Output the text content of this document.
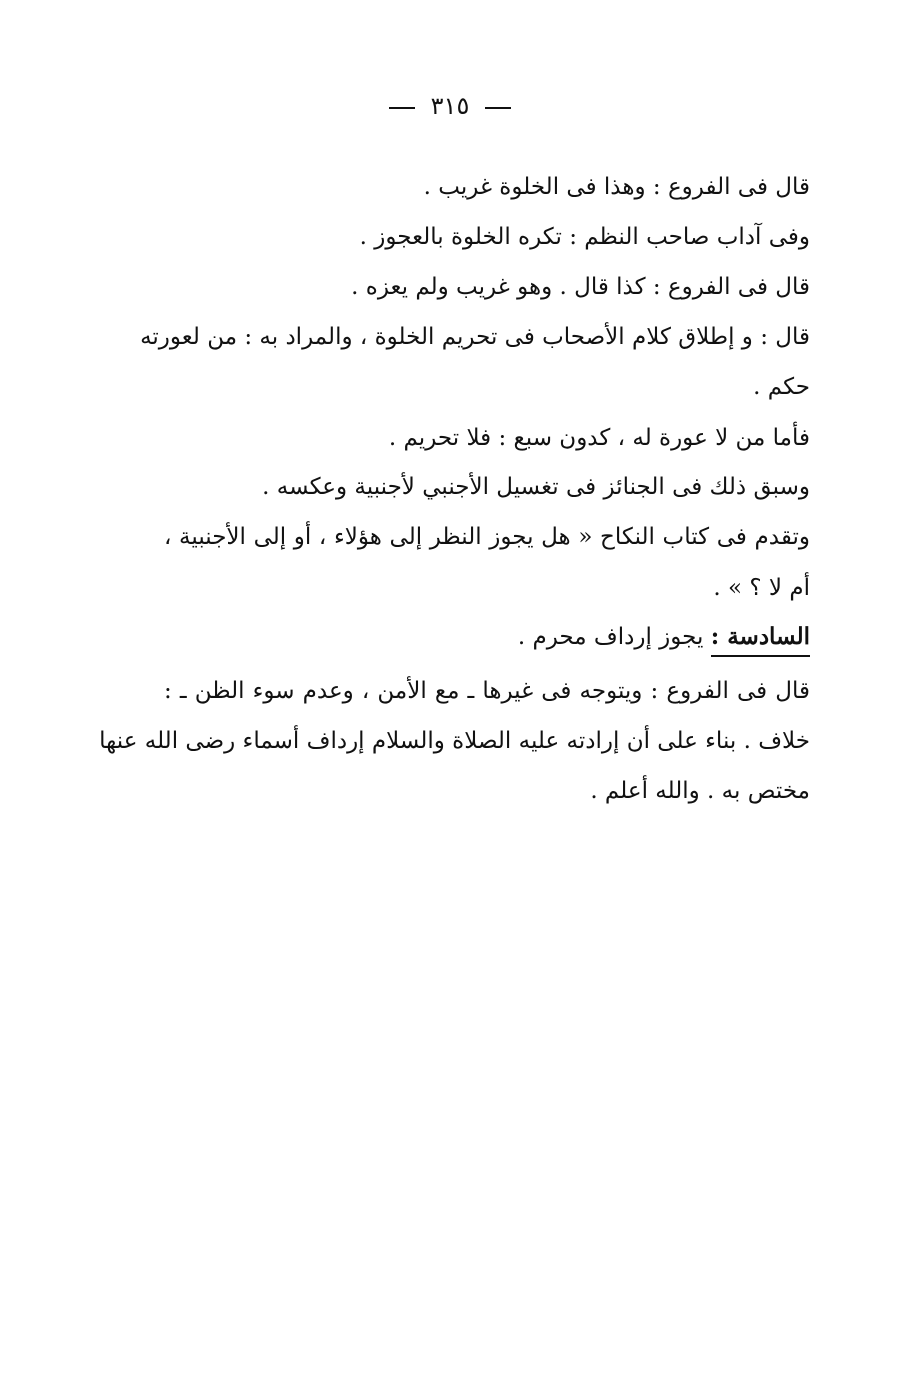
٣١٥
قال فى الفروع : وهذا فى الخلوة غريب .
وفى آداب صاحب النظم : تكره الخلوة بالعجوز .
قال فى الفروع : كذا قال . وهو غريب ولم يعزه .
قال : و إطلاق كلام الأصحاب فى تحريم الخلوة ، والمراد به : من لعورته
حكم .
فأما من لا عورة له ، كدون سبع : فلا تحريم .
وسبق ذلك فى الجنائز فى تغسيل الأجنبي لأجنبية وعكسه .
وتقدم فى كتاب النكاح « هل يجوز النظر إلى هؤلاء ، أو إلى الأجنبية ،
أم لا ؟ » .
السادسة : يجوز إرداف محرم .
قال فى الفروع : ويتوجه فى غيرها ـ مع الأمن ، وعدم سوء الظن ـ :
خلاف . بناء على أن إرادته عليه الصلاة والسلام إرداف أسماء رضى الله عنها
مختص به . والله أعلم .
